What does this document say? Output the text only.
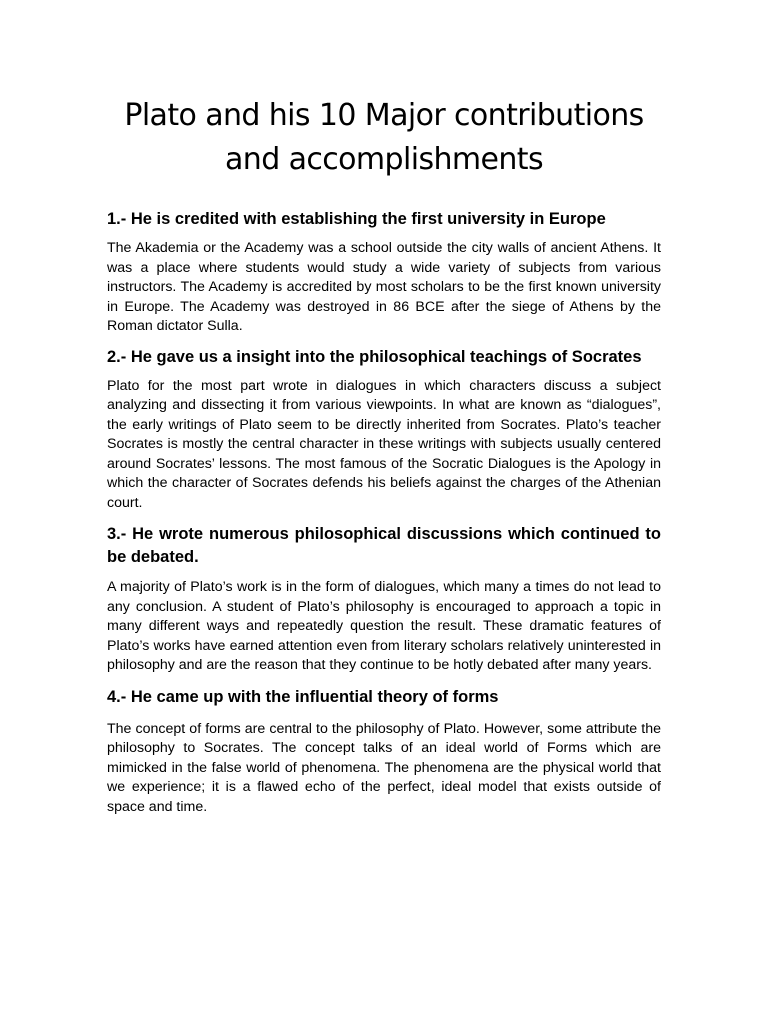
Plato and his 10 Major contributions
and accomplishments

1.- He is credited with establishing the first university in Europe

The Akademia or the Academy was a school outside the city walls of ancient Athens. It was a place where students would study a wide variety of subjects from various instructors. The Academy is accredited by most scholars to be the first known university in Europe. The Academy was destroyed in 86 BCE after the siege of Athens by the Roman dictator Sulla.

2.- He gave us a insight into the philosophical teachings of Socrates

Plato for the most part wrote in dialogues in which characters discuss a subject analyzing and dissecting it from various viewpoints. In what are known as “dialogues”, the early writings of Plato seem to be directly inherited from Socrates. Plato’s teacher Socrates is mostly the central character in these writings with subjects usually centered around Socrates’ lessons. The most famous of the Socratic Dialogues is the Apology in which the character of Socrates defends his beliefs against the charges of the Athenian court.

3.- He wrote numerous philosophical discussions which continued to be debated.

A majority of Plato’s work is in the form of dialogues, which many a times do not lead to any conclusion. A student of Plato’s philosophy is encouraged to approach a topic in many different ways and repeatedly question the result. These dramatic features of Plato’s works have earned attention even from literary scholars relatively uninterested in philosophy and are the reason that they continue to be hotly debated after many years.

4.- He came up with the influential theory of forms

The concept of forms are central to the philosophy of Plato. However, some attribute the philosophy to Socrates. The concept talks of an ideal world of Forms which are mimicked in the false world of phenomena. The phenomena are the physical world that we experience; it is a flawed echo of the perfect, ideal model that exists outside of space and time.
